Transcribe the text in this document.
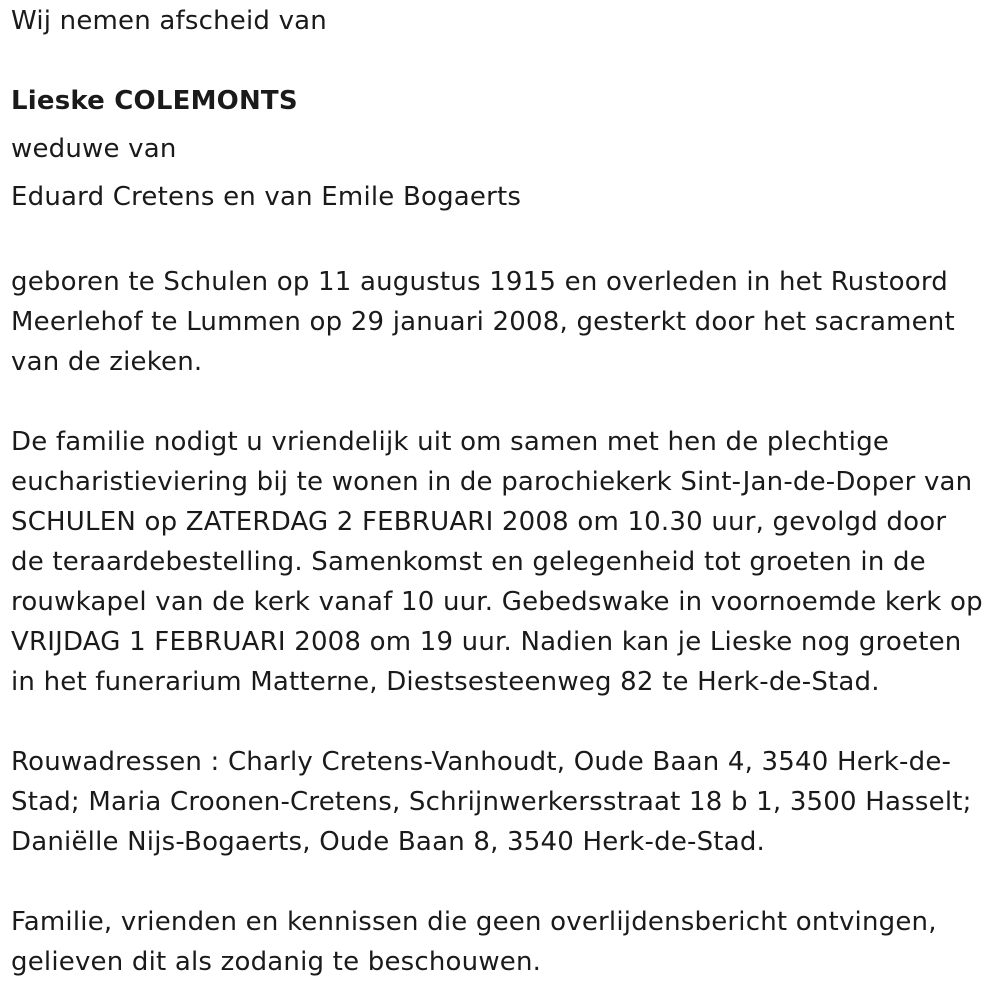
Wij nemen afscheid van

Lieske COLEMONTS

weduwe van

Eduard Cretens en van Emile Bogaerts

geboren te Schulen op 11 augustus 1915 en overleden in het Rustoord Meerlehof te Lummen op 29 januari 2008, gesterkt door het sacrament van de zieken.

De familie nodigt u vriendelijk uit om samen met hen de plechtige eucharistieviering bij te wonen in de parochiekerk Sint-Jan-de-Doper van SCHULEN op ZATERDAG 2 FEBRUARI 2008 om 10.30 uur, gevolgd door de teraardebestelling. Samenkomst en gelegenheid tot groeten in de rouwkapel van de kerk vanaf 10 uur. Gebedswake in voornoemde kerk op VRIJDAG 1 FEBRUARI 2008 om 19 uur. Nadien kan je Lieske nog groeten in het funerarium Matterne, Diestsesteenweg 82 te Herk-de-Stad.

Rouwadressen : Charly Cretens-Vanhoudt, Oude Baan 4, 3540 Herk-de-Stad; Maria Croonen-Cretens, Schrijnwerkersstraat 18 b 1, 3500 Hasselt; Daniëlle Nijs-Bogaerts, Oude Baan 8, 3540 Herk-de-Stad.

Familie, vrienden en kennissen die geen overlijdensbericht ontvingen, gelieven dit als zodanig te beschouwen.
